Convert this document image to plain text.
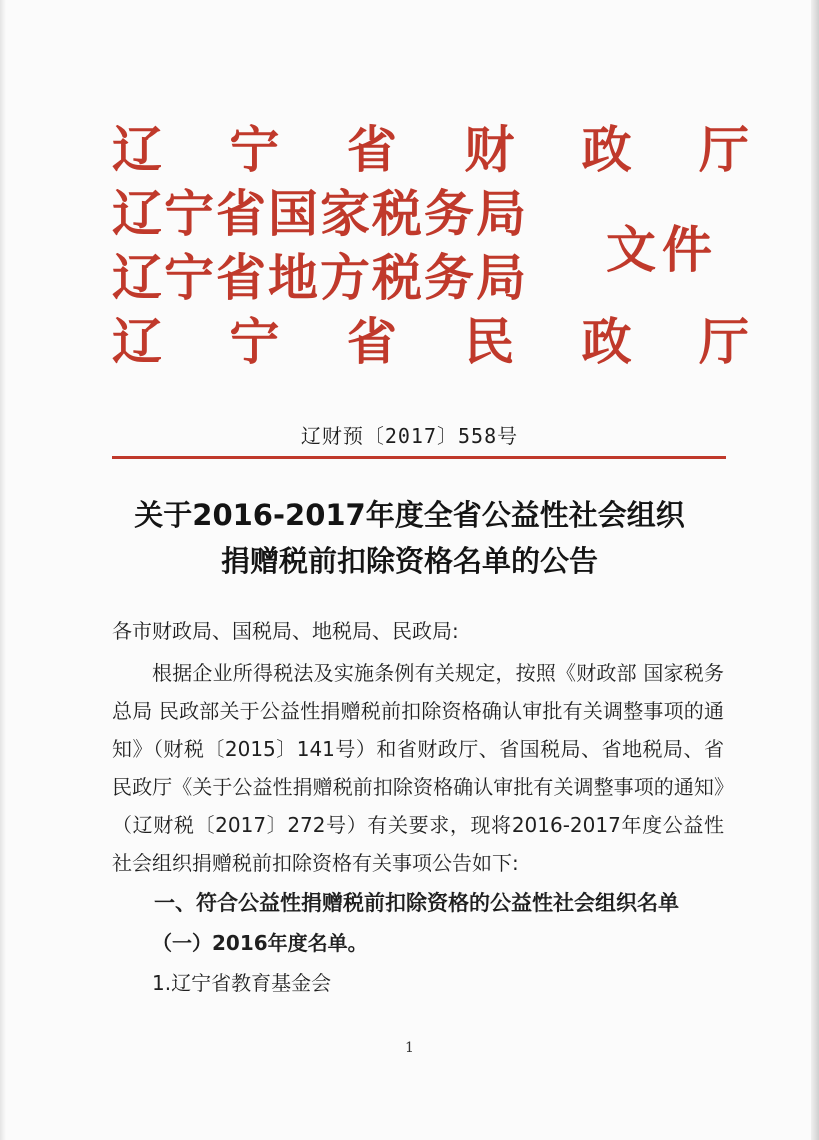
辽 宁 省 财 政 厅
辽宁省国家税务局
辽宁省地方税务局
辽 宁 省 民 政 厅
文件
辽财预〔2017〕558号
关于2016-2017年度全省公益性社会组织
捐赠税前扣除资格名单的公告

各市财政局、国税局、地税局、民政局:

根据企业所得税法及实施条例有关规定，按照《财政部 国家税务总局 民政部关于公益性捐赠税前扣除资格确认审批有关调整事项的通知》（财税〔2015〕141号）和省财政厅、省国税局、省地税局、省民政厅《关于公益性捐赠税前扣除资格确认审批有关调整事项的通知》（辽财税〔2017〕272号）有关要求，现将2016-2017年度公益性社会组织捐赠税前扣除资格有关事项公告如下:

一、符合公益性捐赠税前扣除资格的公益性社会组织名单

（一）2016年度名单。

1.辽宁省教育基金会

1
